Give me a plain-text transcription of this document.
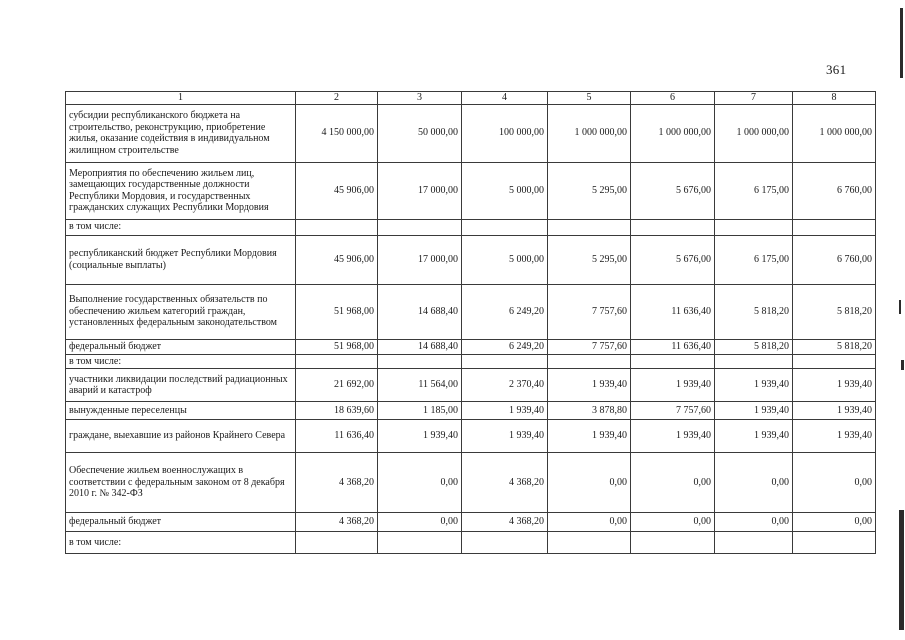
361
1	2	3	4	5	6	7	8
субсидии республиканского бюджета на строительство, реконструкцию, приобретение жилья, оказание содействия в индивидуальном жилищном строительстве	4 150 000,00	50 000,00	100 000,00	1 000 000,00	1 000 000,00	1 000 000,00	1 000 000,00
Мероприятия по обеспечению жильем лиц, замещающих государственные должности Республики Мордовия, и государственных гражданских служащих Республики Мордовия	45 906,00	17 000,00	5 000,00	5 295,00	5 676,00	6 175,00	6 760,00
в том числе:							
республиканский бюджет Республики Мордовия (социальные выплаты)	45 906,00	17 000,00	5 000,00	5 295,00	5 676,00	6 175,00	6 760,00
Выполнение государственных обязательств по обеспечению жильем категорий граждан, установленных федеральным законодательством	51 968,00	14 688,40	6 249,20	7 757,60	11 636,40	5 818,20	5 818,20
федеральный бюджет	51 968,00	14 688,40	6 249,20	7 757,60	11 636,40	5 818,20	5 818,20
в том числе:							
участники ликвидации последствий радиационных аварий и катастроф	21 692,00	11 564,00	2 370,40	1 939,40	1 939,40	1 939,40	1 939,40
вынужденные переселенцы	18 639,60	1 185,00	1 939,40	3 878,80	7 757,60	1 939,40	1 939,40
граждане, выехавшие из районов Крайнего Севера	11 636,40	1 939,40	1 939,40	1 939,40	1 939,40	1 939,40	1 939,40
Обеспечение жильем военнослужащих в соответствии с федеральным законом от 8 декабря 2010 г. № 342-ФЗ	4 368,20	0,00	4 368,20	0,00	0,00	0,00	0,00
федеральный бюджет	4 368,20	0,00	4 368,20	0,00	0,00	0,00	0,00
в том числе:							
